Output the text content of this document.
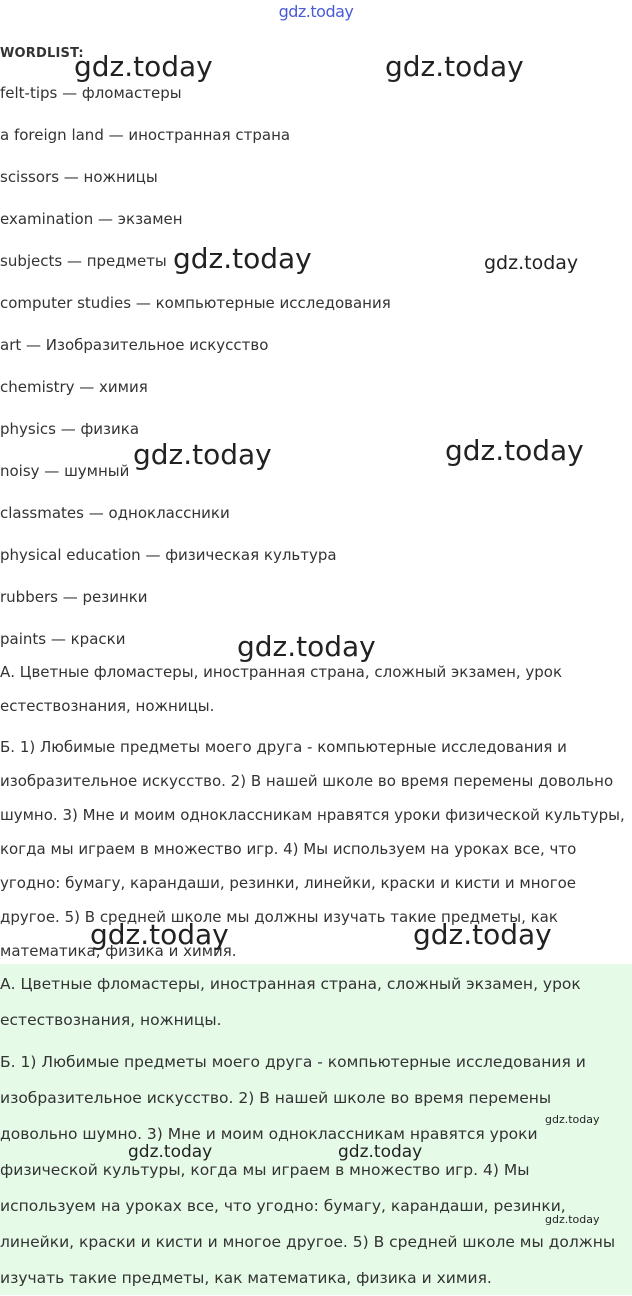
gdz.today
WORDLIST:
felt-tips — фломастеры
a foreign land — иностранная страна
scissors — ножницы
examination — экзамен
subjects — предметы
computer studies — компьютерные исследования
art — Изобразительное искусство
chemistry — химия
physics — физика
noisy — шумный
classmates — одноклассники
physical education — физическая культура
rubbers — резинки
paints — краски

А. Цветные фломастеры, иностранная страна, сложный экзамен, урок естествознания, ножницы.

Б. 1) Любимые предметы моего друга - компьютерные исследования и изобразительное искусство. 2) В нашей школе во время перемены довольно шумно. 3) Мне и моим одноклассникам нравятся уроки физической культуры, когда мы играем в множество игр. 4) Мы используем на уроках все, что угодно: бумагу, карандаши, резинки, линейки, краски и кисти и многое другое. 5) В средней школе мы должны изучать такие предметы, как математика, физика и химия.

А. Цветные фломастеры, иностранная страна, сложный экзамен, урок естествознания, ножницы.

Б. 1) Любимые предметы моего друга - компьютерные исследования и изобразительное искусство. 2) В нашей школе во время перемены довольно шумно. 3) Мне и моим одноклассникам нравятся уроки физической культуры, когда мы играем в множество игр. 4) Мы используем на уроках все, что угодно: бумагу, карандаши, резинки, линейки, краски и кисти и многое другое. 5) В средней школе мы должны изучать такие предметы, как математика, физика и химия.

gdz.today	gdz.today
gdz.today	gdz.today
gdz.today	gdz.today
gdz.today
gdz.today	gdz.today
gdz.today	gdz.today
gdz.today
gdz.today
